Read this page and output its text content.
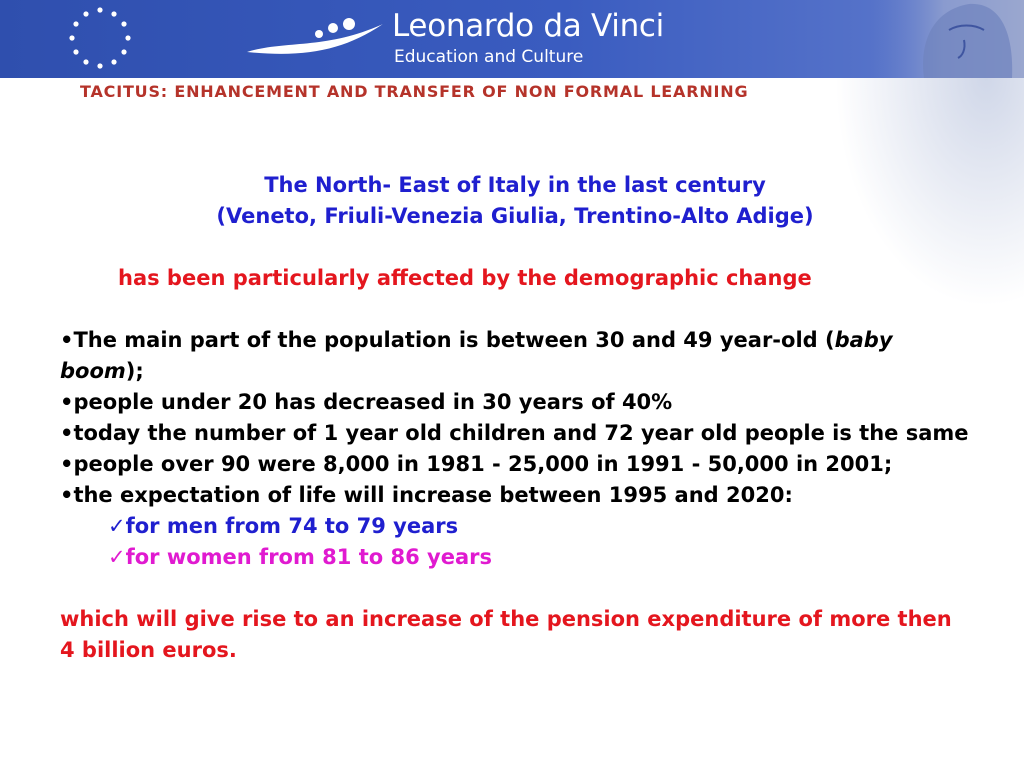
Leonardo da Vinci
Education and Culture
TACITUS: ENHANCEMENT AND TRANSFER OF NON FORMAL LEARNING
The North- East of Italy in the last century
(Veneto, Friuli-Venezia Giulia, Trentino-Alto Adige)
has been particularly affected by the demographic change

•The main part of the population is between 30 and 49 year-old (baby boom);

•people under 20 has decreased in 30 years of 40%

•today the number of 1 year old children and 72 year old people is the same

•people over 90 were 8,000 in 1981 - 25,000 in 1991 - 50,000 in 2001;

•the expectation of life will increase between 1995 and 2020:

✓for men from 74 to 79 years

✓for women from 81 to 86 years

which will give rise to an increase of the pension expenditure of more then 4 billion euros.
